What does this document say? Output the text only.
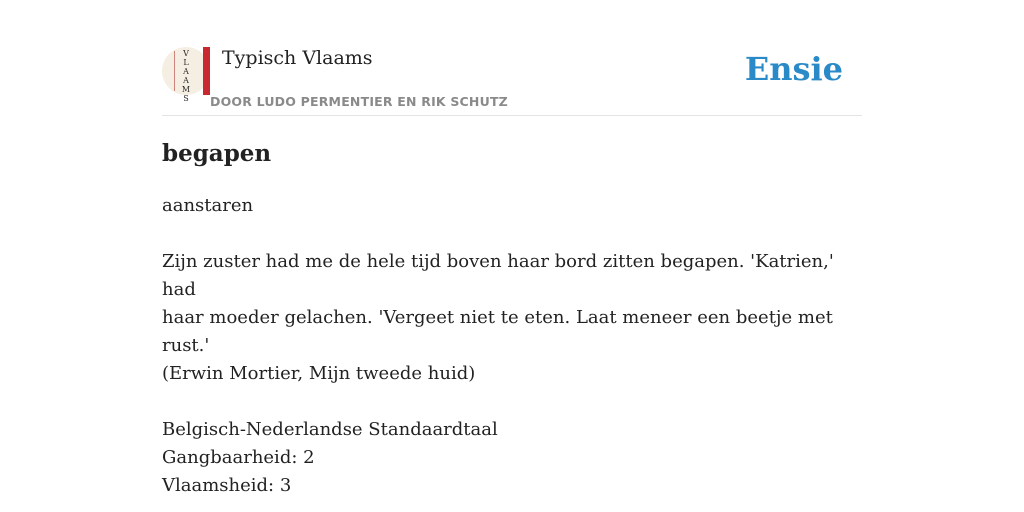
V
L
A
A
M
S
Typisch Vlaams
DOOR LUDO PERMENTIER EN RIK SCHUTZ
Ensie
begapen
aanstaren
Zijn zuster had me de hele tijd boven haar bord zitten begapen. 'Katrien,' had
haar moeder gelachen. 'Vergeet niet te eten. Laat meneer een beetje met rust.'
(Erwin Mortier, Mijn tweede huid)
Belgisch-Nederlandse Standaardtaal
Gangbaarheid: 2
Vlaamsheid: 3
